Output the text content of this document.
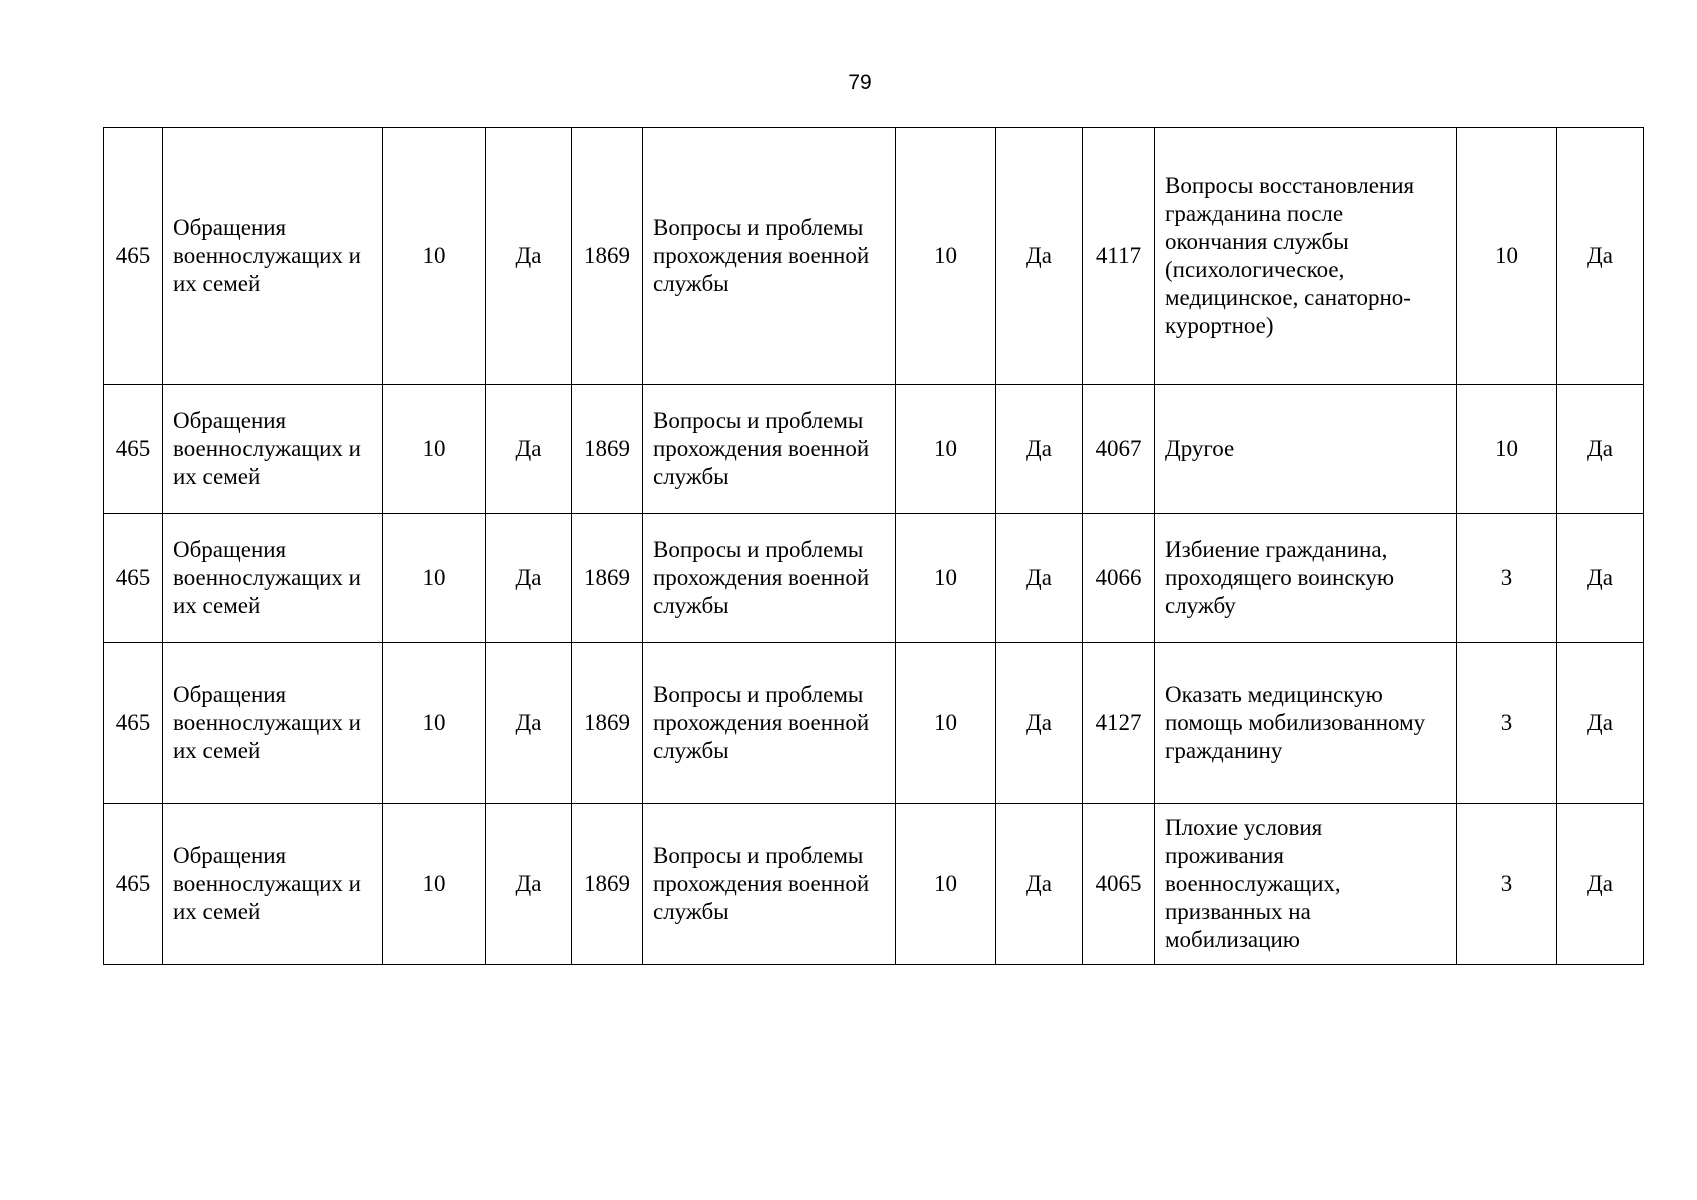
79
465	Обращения военнослужащих и их семей	10	Да	1869	Вопросы и проблемы прохождения военной службы	10	Да	4117	Вопросы восстановления гражданина после окончания службы (психологическое, медицинское, санаторно-курортное)	10	Да
465	Обращения военнослужащих и их семей	10	Да	1869	Вопросы и проблемы прохождения военной службы	10	Да	4067	Другое	10	Да
465	Обращения военнослужащих и их семей	10	Да	1869	Вопросы и проблемы прохождения военной службы	10	Да	4066	Избиение гражданина, проходящего воинскую службу	3	Да
465	Обращения военнослужащих и их семей	10	Да	1869	Вопросы и проблемы прохождения военной службы	10	Да	4127	Оказать медицинскую помощь мобилизованному гражданину	3	Да
465	Обращения военнослужащих и их семей	10	Да	1869	Вопросы и проблемы прохождения военной службы	10	Да	4065	Плохие условия проживания военнослужащих, призванных на мобилизацию	3	Да
